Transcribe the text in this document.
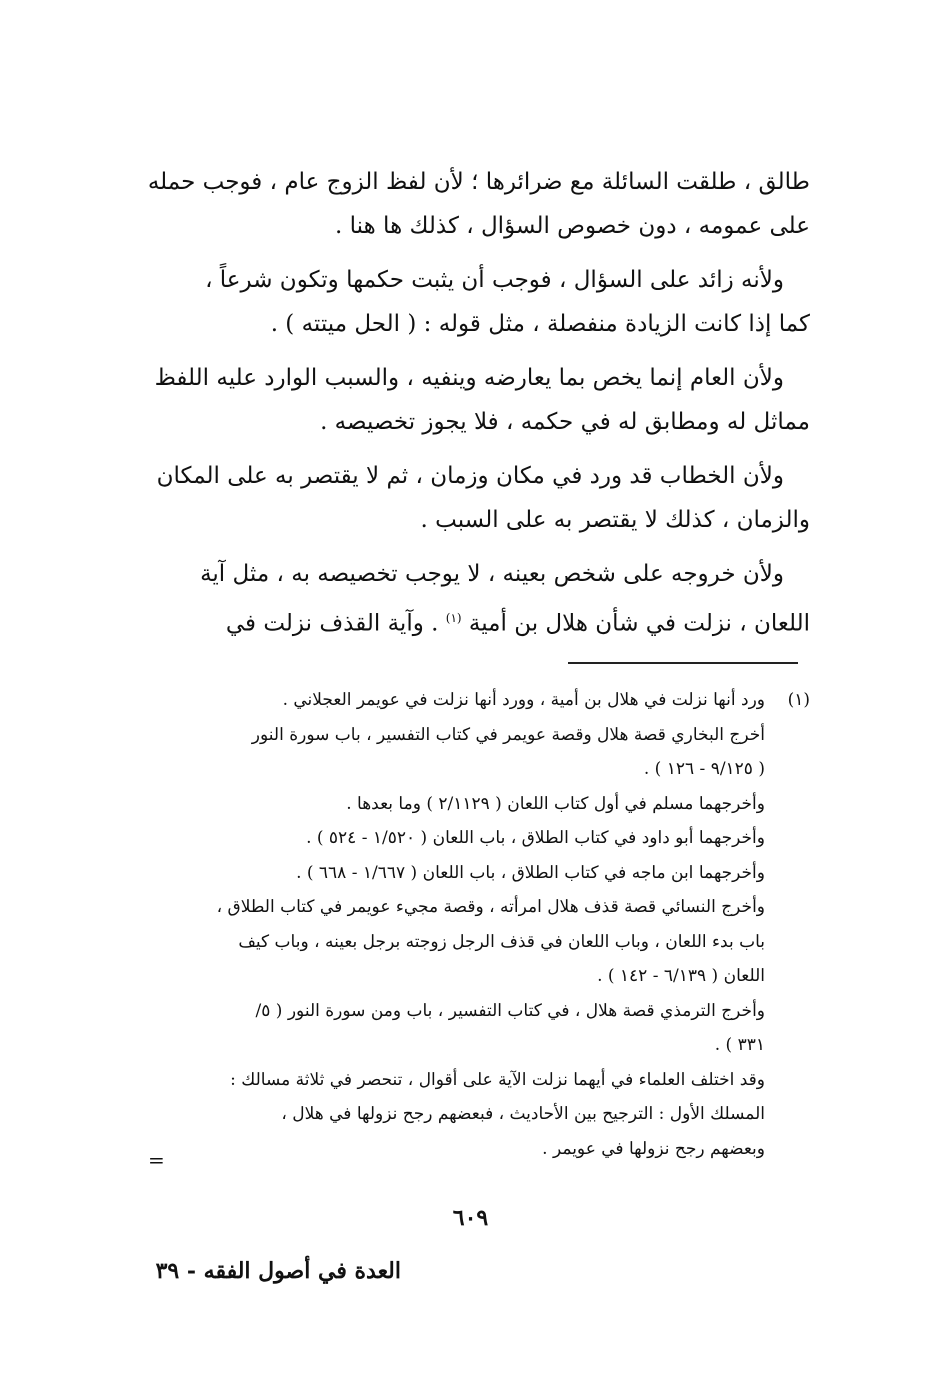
طالق ، طلقت السائلة مع ضرائرها ؛ لأن لفظ الزوج عام ، فوجب حمله
على عمومه ، دون خصوص السؤال ، كذلك ها هنا .

ولأنه زائد على السؤال ، فوجب أن يثبت حكمها وتكون شرعاً ،
كما إذا كانت الزيادة منفصلة ، مثل قوله : ( الحل ميتته ) .

ولأن العام إنما يخص بما يعارضه وينفيه ، والسبب الوارد عليه اللفظ
مماثل له ومطابق له في حكمه ، فلا يجوز تخصيصه .

ولأن الخطاب قد ورد في مكان وزمان ، ثم لا يقتصر به على المكان
والزمان ، كذلك لا يقتصر به على السبب .

ولأن خروجه على شخص بعينه ، لا يوجب تخصيصه به ، مثل آية
اللعان ، نزلت في شأن هلال بن أمية $^{(١)}$ . وآية القذف نزلت في

(١)ورد أنها نزلت في هلال بن أمية ، وورد أنها نزلت في عويمر العجلاني .
أخرج البخاري قصة هلال وقصة عويمر في كتاب التفسير ، باب سورة النور
( ٩/١٢٥ - ١٢٦ ) .
وأخرجهما مسلم في أول كتاب اللعان ( ٢/١١٢٩ ) وما بعدها .
وأخرجهما أبو داود في كتاب الطلاق ، باب اللعان ( ١/٥٢٠ - ٥٢٤ ) .
وأخرجهما ابن ماجه في كتاب الطلاق ، باب اللعان ( ١/٦٦٧ - ٦٦٨ ) .
وأخرج النسائي قصة قذف هلال امرأته ، وقصة مجيء عويمر في كتاب الطلاق ،
باب بدء اللعان ، وباب اللعان في قذف الرجل زوجته برجل بعينه ، وباب كيف
اللعان ( ٦/١٣٩ - ١٤٢ ) .
وأخرج الترمذي قصة هلال ، في كتاب التفسير ، باب ومن سورة النور ( ٥/
٣٣١ ) .
وقد اختلف العلماء في أيهما نزلت الآية على أقوال ، تنحصر في ثلاثة مسالك :
المسلك الأول : الترجيح بين الأحاديث ، فبعضهم رجح نزولها في هلال ،
وبعضهم رجح نزولها في عويمر .
=
٦٠٩
العدة في أصول الفقه - ٣٩
